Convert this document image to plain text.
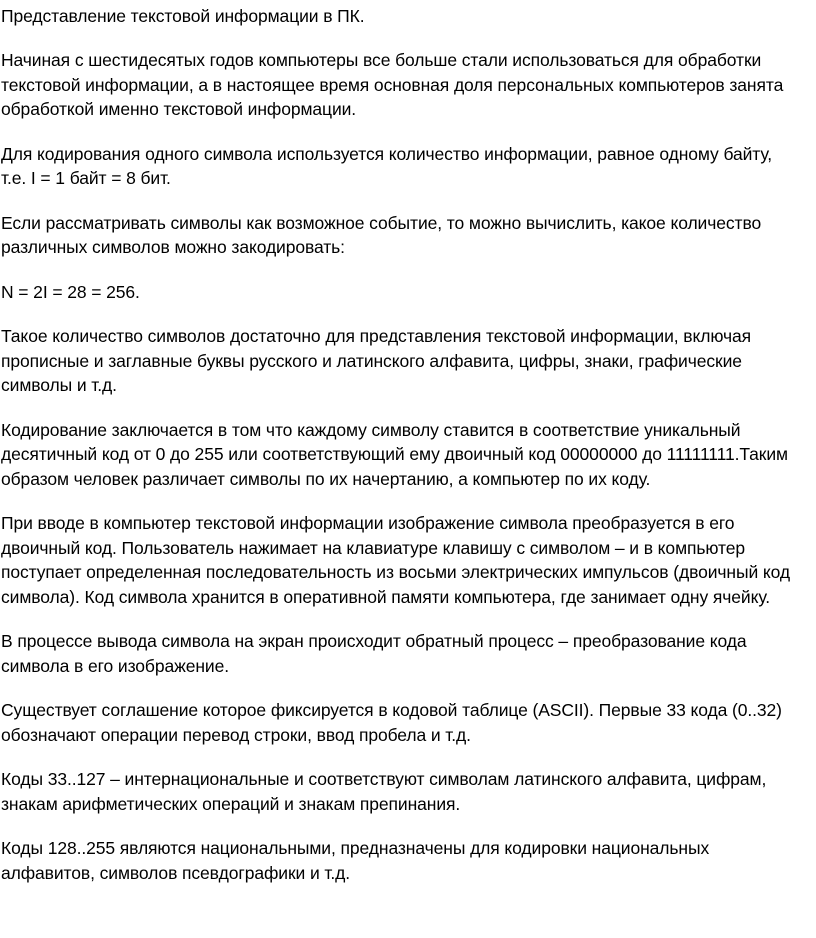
Представление текстовой информации в ПК.

Начиная с шестидесятых годов компьютеры все больше стали использоваться для обработки
текстовой информации, а в настоящее время основная доля персональных компьютеров занята
обработкой именно текстовой информации.

Для кодирования одного символа используется количество информации, равное одному байту,
т.е. I = 1 байт = 8 бит.

Если рассматривать символы как возможное событие, то можно вычислить, какое количество
различных символов можно закодировать:

N = 2I = 28 = 256.

Такое количество символов достаточно для представления текстовой информации, включая
прописные и заглавные буквы русского и латинского алфавита, цифры, знаки, графические
символы и т.д.

Кодирование заключается в том что каждому символу ставится в соответствие уникальный
десятичный код от 0 до 255 или соответствующий ему двоичный код 00000000 до 11111111.Таким
образом человек различает символы по их начертанию, а компьютер по их коду.

При вводе в компьютер текстовой информации изображение символа преобразуется в его
двоичный код. Пользователь нажимает на клавиатуре клавишу с символом – и в компьютер
поступает определенная последовательность из восьми электрических импульсов (двоичный код
символа). Код символа хранится в оперативной памяти компьютера, где занимает одну ячейку.

В процессе вывода символа на экран происходит обратный процесс – преобразование кода
символа в его изображение.

Существует соглашение которое фиксируется в кодовой таблице (ASCII). Первые 33 кода (0..32)
обозначают операции перевод строки, ввод пробела и т.д.

Коды 33..127 – интернациональные и соответствуют символам латинского алфавита, цифрам,
знакам арифметических операций и знакам препинания.

Коды 128..255 являются национальными, предназначены для кодировки национальных
алфавитов, символов псевдографики и т.д.
